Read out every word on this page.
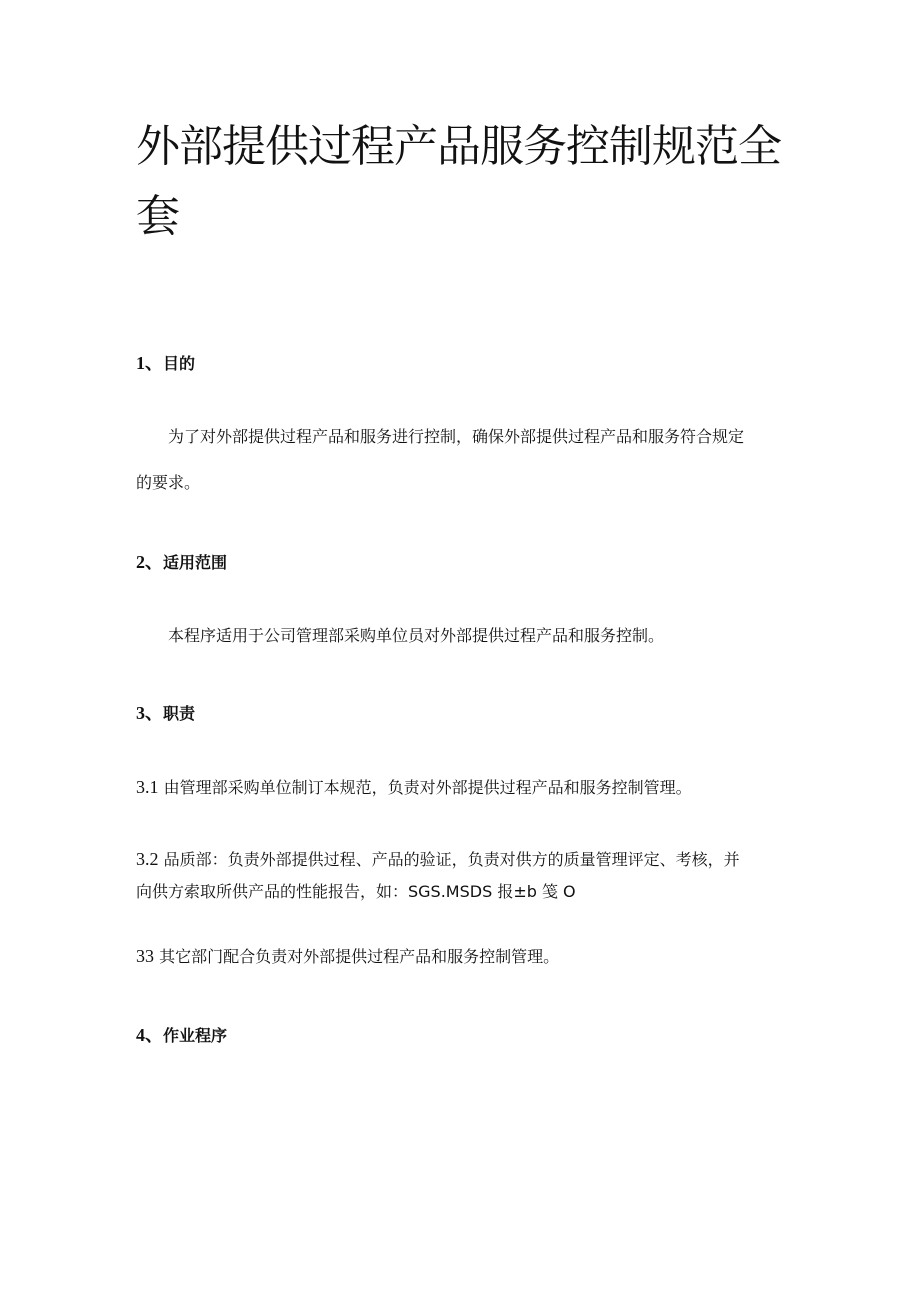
外部提供过程产品服务控制规范全套
1、目的

为了对外部提供过程产品和服务进行控制，确保外部提供过程产品和服务符合规定
的要求。

2、适用范围

本程序适用于公司管理部采购单位员对外部提供过程产品和服务控制。

3、职责

3.1 由管理部采购单位制订本规范，负责对外部提供过程产品和服务控制管理。

3.2 品质部：负责外部提供过程、产品的验证，负责对供方的质量管理评定、考核，并
向供方索取所供产品的性能报告，如：SGS.MSDS 报±b 笺 O

33 其它部门配合负责对外部提供过程产品和服务控制管理。

4、作业程序
